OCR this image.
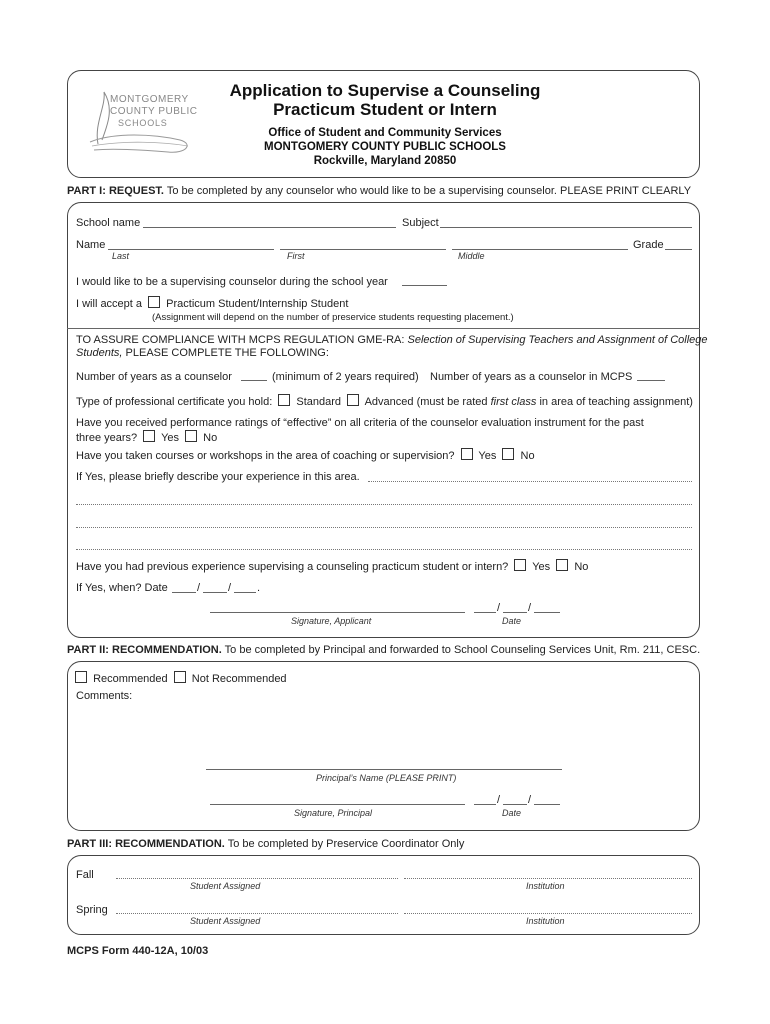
MONTGOMERY
COUNTY PUBLIC
SCHOOLS
Application to Supervise a Counseling
Practicum Student or Intern
Office of Student and Community Services
MONTGOMERY COUNTY PUBLIC SCHOOLS
Rockville, Maryland 20850
PART I: REQUEST. To be completed by any counselor who would like to be a supervising counselor. PLEASE PRINT CLEARLY
School name	Subject
Name	Grade
Last	First	Middle
I would like to be a supervising counselor during the school year
I will accept a Practicum Student/Internship Student
(Assignment will depend on the number of preservice students requesting placement.)
TO ASSURE COMPLIANCE WITH MCPS REGULATION GME-RA: Selection of Supervising Teachers and Assignment of College
Students, PLEASE COMPLETE THE FOLLOWING:
Number of years as a counselor	(minimum of 2 years required) Number of years as a counselor in MCPS
Type of professional certificate you hold: Standard Advanced (must be rated first class in area of teaching assignment)
Have you received performance ratings of “effective” on all criteria of the counselor evaluation instrument for the past
three years? Yes No
Have you taken courses or workshops in the area of coaching or supervision? Yes No
If Yes, please briefly describe your experience in this area.
Have you had previous experience supervising a counseling practicum student or intern? Yes No
If Yes, when? Date	/	/ .
Signature, Applicant
/	/
Date
PART II: RECOMMENDATION. To be completed by Principal and forwarded to School Counseling Services Unit, Rm. 211, CESC.
Recommended Not Recommended
Comments:
Principal’s Name (PLEASE PRINT)
Signature, Principal
/	/
Date
PART III: RECOMMENDATION. To be completed by Preservice Coordinator Only
Fall
Student Assigned	Institution
Spring
Student Assigned	Institution
MCPS Form 440-12A, 10/03
